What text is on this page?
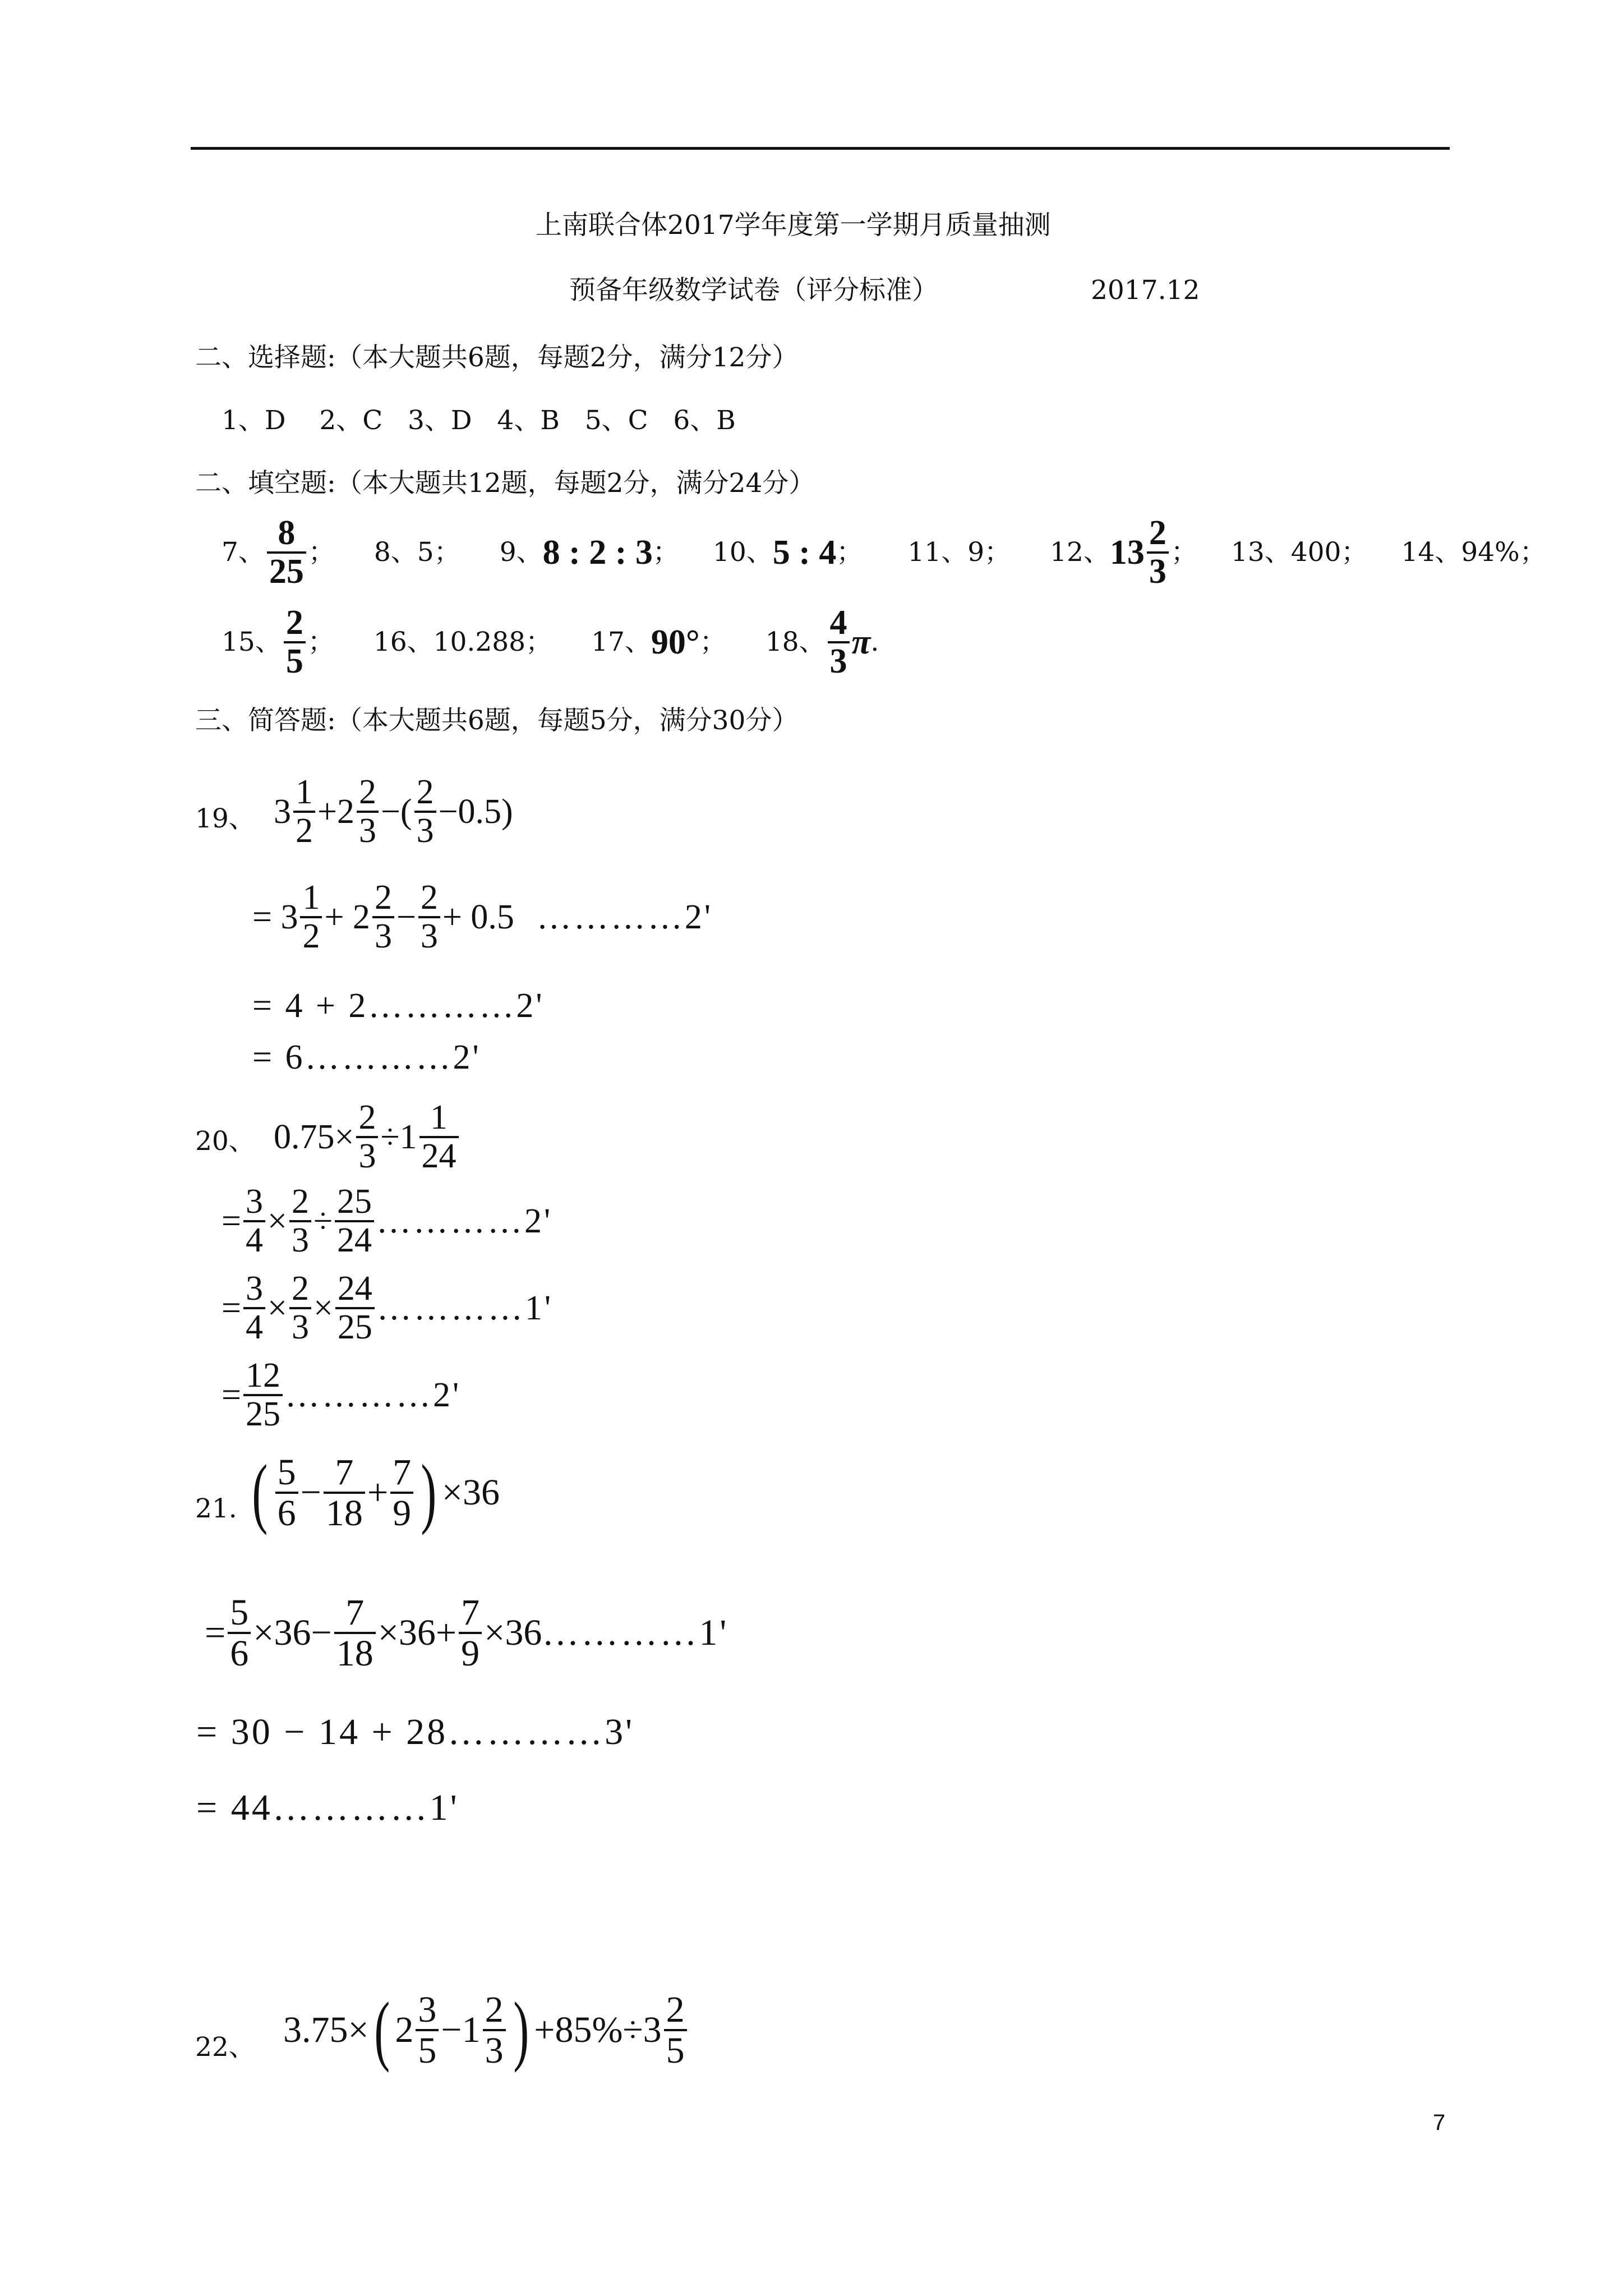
上南联合体2017学年度第一学期月质量抽测
预备年级数学试卷（评分标准）	2017.12
二、选择题:（本大题共6题，每题2分，满分12分）
1、D    2、C   3、D   4、B   5、C   6、B
二、填空题:（本大题共12题，每题2分，满分24分）
7、 $\frac{8}{25}$ ； 8、5； 9、 8 : 2 : 3 ； 10、 5 : 4 ； 11、9； 12、 $13 \frac{2}{3}$ ； 13、400； 14、94%；
15、 $\frac{2}{5}$ ； 16、10.288； 17、 90° ； 18、 $\frac{4}{3}$ π .
三、简答题:（本大题共6题，每题5分，满分30分）
19、 $3 \frac{1}{2} +2 \frac{2}{3}$ −( $\frac{2}{3} -0.5$)
= $3 \frac{1}{2} + 2 \frac{2}{3} - \frac{2}{3} + 0.5$ …………2'
= 4 + 2…………2'
= 6…………2'
20、 $0.75\times \frac{2}{3} \div 1 \frac{1}{24}$
= $\frac{3}{4} \times \frac{2}{3} \div \frac{25}{24}$ …………2'
= $\frac{3}{4} \times \frac{2}{3} \times \frac{24}{25}$ …………1'
= $\frac{12}{25}$ …………2'
21. ( $\frac{5}{6} - \frac{7}{18} + \frac{7}{9}$ ) ×36
= $\frac{5}{6} \times 36- \frac{7}{18} \times 36+ \frac{7}{9} \times 36$ …………1'
= 30 − 14 + 28…………3'
= 44…………1'
22、 3.75× ( $2 \frac{3}{5} -1 \frac{2}{3}$ ) $+85\%\div 3 \frac{2}{5}$
7
